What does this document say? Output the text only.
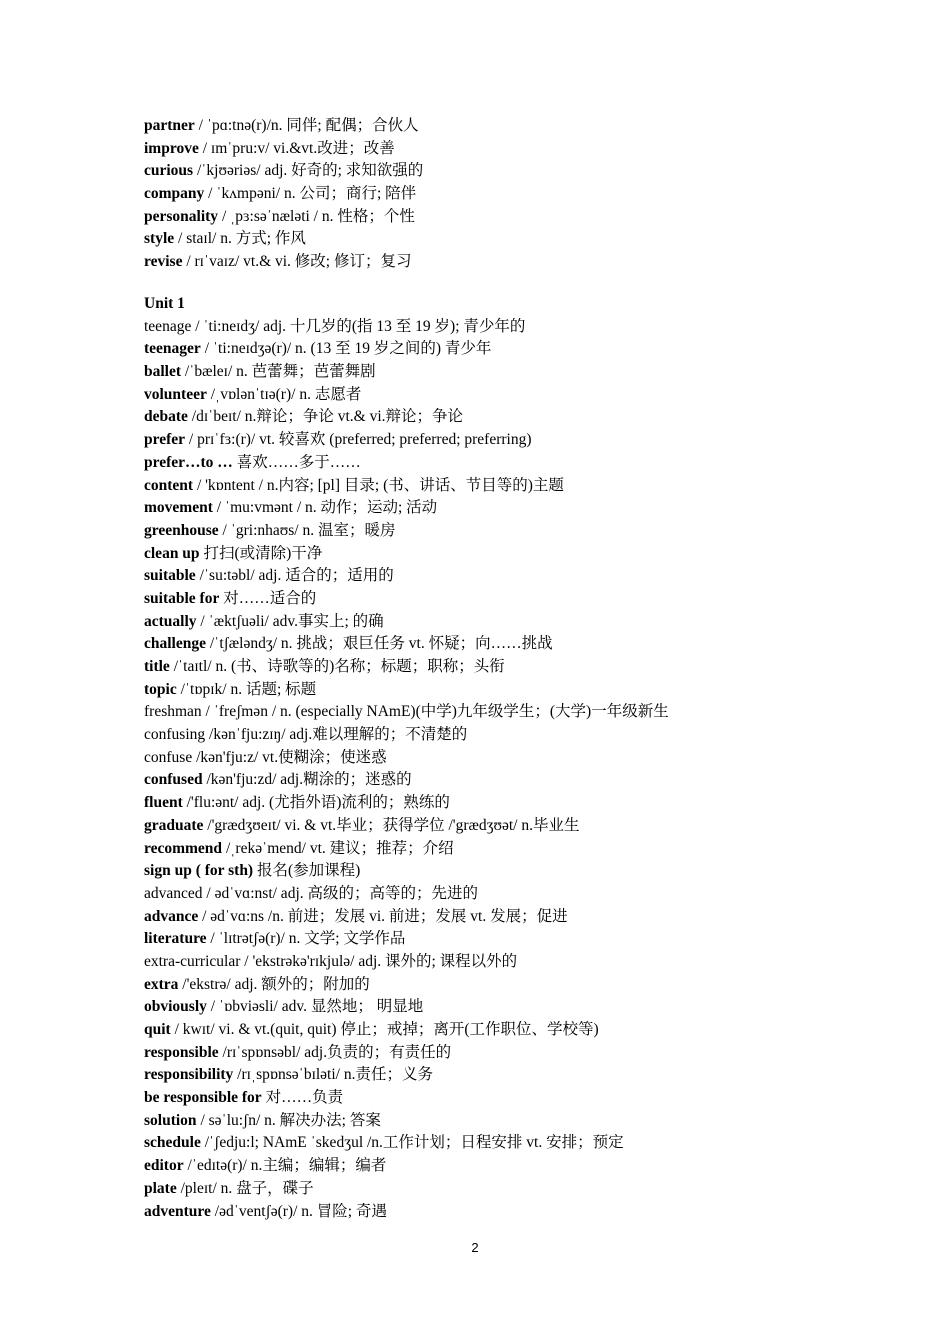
partner / ˈpɑ:tnə(r)/n. 同伴; 配偶；合伙人
improve / ɪmˈpru:v/ vi.&vt.改进；改善
curious /ˈkjʊəriəs/ adj. 好奇的; 求知欲强的
company / ˈkʌmpəni/ n. 公司；商行; 陪伴
personality / ˌpɜ:səˈnæləti / n. 性格；个性
style / staɪl/ n. 方式; 作风
revise / rɪˈvaɪz/ vt.& vi. 修改; 修订；复习
Unit 1
teenage / ˈti:neɪdʒ/ adj. 十几岁的(指 13 至 19 岁); 青少年的
teenager / ˈti:neɪdʒə(r)/ n. (13 至 19 岁之间的) 青少年
ballet /ˈbæleɪ/ n. 芭蕾舞；芭蕾舞剧
volunteer /ˌvɒlənˈtɪə(r)/ n. 志愿者
debate /dɪˈbeɪt/ n.辩论；争论 vt.& vi.辩论；争论
prefer / prɪˈfɜ:(r)/ vt. 较喜欢 (preferred; preferred; preferring)
prefer…to … 喜欢……多于……
content / 'kɒntent / n.内容; [pl] 目录; (书、讲话、节目等的)主题
movement / ˈmu:vmənt / n. 动作；运动; 活动
greenhouse / ˈgri:nhaʊs/ n. 温室；暖房
clean up 打扫(或清除)干净
suitable /ˈsu:təbl/ adj. 适合的；适用的
suitable for 对……适合的
actually / ˈæktʃuəli/ adv.事实上; 的确
challenge /ˈtʃæləndʒ/ n. 挑战；艰巨任务 vt. 怀疑；向……挑战
title /ˈtaɪtl/ n. (书、诗歌等的)名称；标题；职称；头衔
topic /ˈtɒpɪk/ n. 话题; 标题
freshman / ˈfreʃmən / n. (especially NAmE)(中学)九年级学生；(大学)一年级新生
confusing /kənˈfju:zɪŋ/ adj.难以理解的；不清楚的
confuse /kən'fju:z/ vt.使糊涂；使迷惑
confused /kən'fju:zd/ adj.糊涂的；迷惑的
fluent /'flu:ənt/ adj. (尤指外语)流利的；熟练的
graduate /'grædʒʊeɪt/ vi. & vt.毕业；获得学位 /'grædʒʊət/ n.毕业生
recommend /ˌrekəˈmend/ vt. 建议；推荐；介绍
sign up ( for sth) 报名(参加课程)
advanced / ədˈvɑ:nst/ adj. 高级的；高等的；先进的
advance / ədˈvɑ:ns /n. 前进；发展 vi. 前进；发展 vt. 发展；促进
literature / ˈlɪtrətʃə(r)/ n. 文学; 文学作品
extra-curricular / 'ekstrəkə'rɪkjulə/ adj. 课外的; 课程以外的
extra /'ekstrə/ adj. 额外的；附加的
obviously / ˈɒbviəsli/ adv. 显然地； 明显地
quit / kwɪt/ vi. & vt.(quit, quit) 停止；戒掉；离开(工作职位、学校等)
responsible /rɪˈspɒnsəbl/ adj.负责的；有责任的
responsibility /rɪˌspɒnsəˈbɪləti/ n.责任；义务
be responsible for 对……负责
solution / səˈlu:ʃn/ n. 解决办法; 答案
schedule /ˈʃedju:l; NAmE ˈskedʒul /n.工作计划；日程安排 vt. 安排；预定
editor /ˈedɪtə(r)/ n.主编；编辑；编者
plate /pleɪt/ n. 盘子，碟子
adventure /ədˈventʃə(r)/ n. 冒险; 奇遇
2
